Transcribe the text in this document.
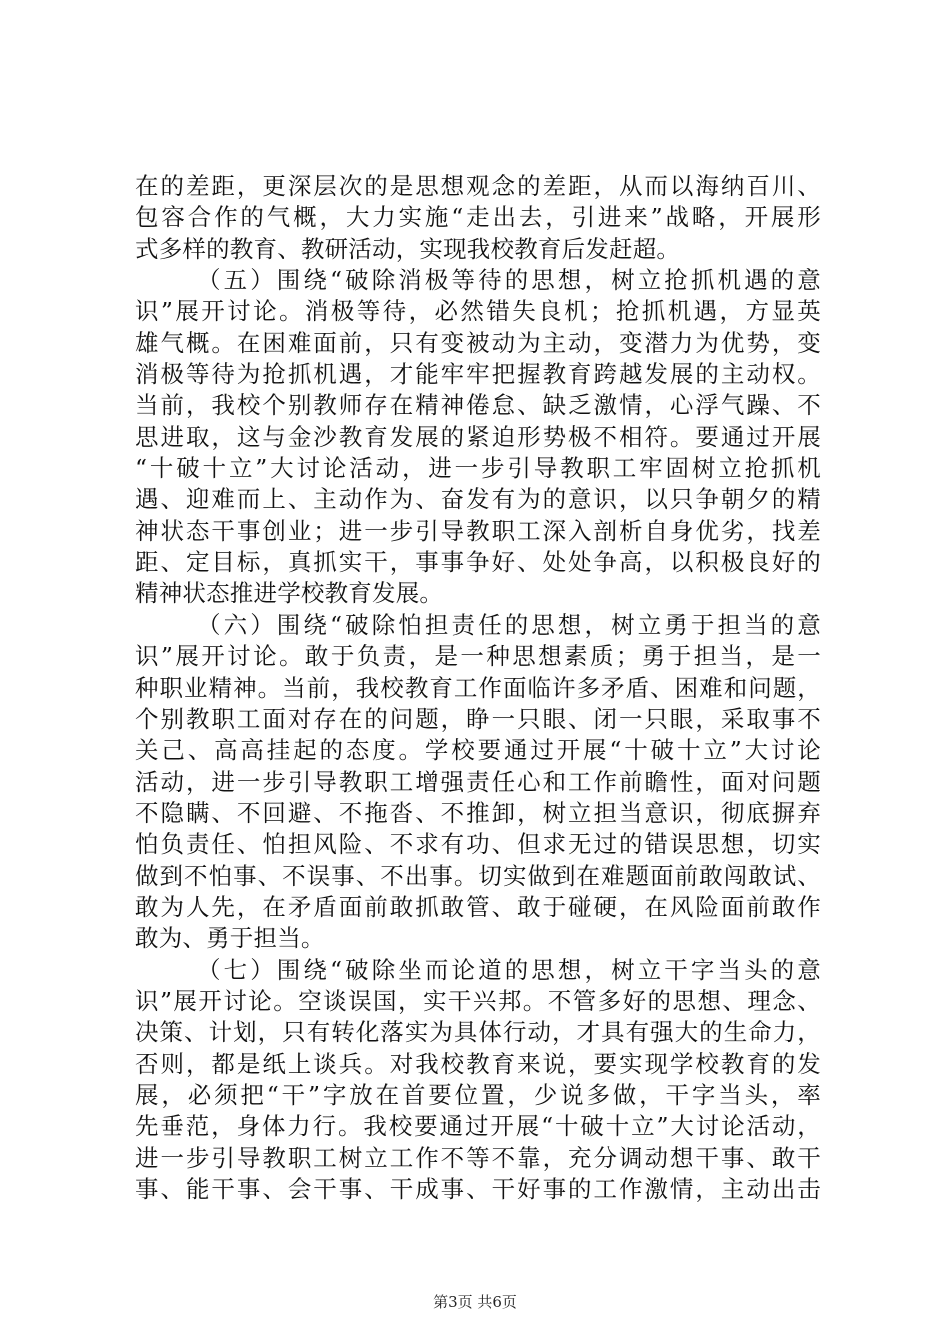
在的差距，更深层次的是思想观念的差距，从而以海纳百川、
包容合作的气概，大力实施“走出去，引进来”战略，开展形
式多样的教育、教研活动，实现我校教育后发赶超。
（五）围绕“破除消极等待的思想，树立抢抓机遇的意
识”展开讨论。消极等待，必然错失良机；抢抓机遇，方显英
雄气概。在困难面前，只有变被动为主动，变潜力为优势，变
消极等待为抢抓机遇，才能牢牢把握教育跨越发展的主动权。
当前，我校个别教师存在精神倦怠、缺乏激情，心浮气躁、不
思进取，这与金沙教育发展的紧迫形势极不相符。要通过开展
“十破十立”大讨论活动，进一步引导教职工牢固树立抢抓机
遇、迎难而上、主动作为、奋发有为的意识，以只争朝夕的精
神状态干事创业；进一步引导教职工深入剖析自身优劣，找差
距、定目标，真抓实干，事事争好、处处争高，以积极良好的
精神状态推进学校教育发展。
（六）围绕“破除怕担责任的思想，树立勇于担当的意
识”展开讨论。敢于负责，是一种思想素质；勇于担当，是一
种职业精神。当前，我校教育工作面临许多矛盾、困难和问题，
个别教职工面对存在的问题，睁一只眼、闭一只眼，采取事不
关己、高高挂起的态度。学校要通过开展“十破十立”大讨论
活动，进一步引导教职工增强责任心和工作前瞻性，面对问题
不隐瞒、不回避、不拖沓、不推卸，树立担当意识，彻底摒弃
怕负责任、怕担风险、不求有功、但求无过的错误思想，切实
做到不怕事、不误事、不出事。切实做到在难题面前敢闯敢试、
敢为人先，在矛盾面前敢抓敢管、敢于碰硬，在风险面前敢作
敢为、勇于担当。
（七）围绕“破除坐而论道的思想，树立干字当头的意
识”展开讨论。空谈误国，实干兴邦。不管多好的思想、理念、
决策、计划，只有转化落实为具体行动，才具有强大的生命力，
否则，都是纸上谈兵。对我校教育来说，要实现学校教育的发
展，必须把“干”字放在首要位置，少说多做，干字当头，率
先垂范，身体力行。我校要通过开展“十破十立”大讨论活动，
进一步引导教职工树立工作不等不靠，充分调动想干事、敢干
事、能干事、会干事、干成事、干好事的工作激情，主动出击
第3页 共6页
